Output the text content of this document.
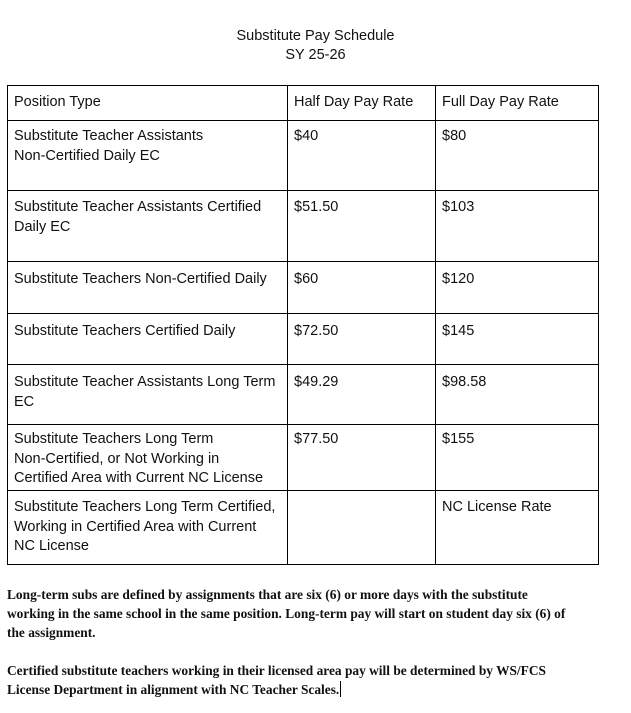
Substitute Pay Schedule
SY 25-26
Position Type	Half Day Pay Rate	Full Day Pay Rate

Substitute Teacher Assistants
Non-Certified Daily EC	$40	$80

Substitute Teacher Assistants Certified
Daily EC	$51.50	$103

Substitute Teachers Non-Certified Daily	$60	$120

Substitute Teachers Certified Daily	$72.50	$145

Substitute Teacher Assistants Long Term
EC	$49.29	$98.58

Substitute Teachers Long Term
Non-Certified, or Not Working in
Certified Area with Current NC License	$77.50	$155

Substitute Teachers Long Term Certified,
Working in Certified Area with Current
NC License		NC License Rate
Long-term subs are defined by assignments that are six (6) or more days with the substitute
working in the same school in the same position. Long-term pay will start on student day six (6) of
the assignment.
Certified substitute teachers working in their licensed area pay will be determined by WS/FCS
License Department in alignment with NC Teacher Scales.
